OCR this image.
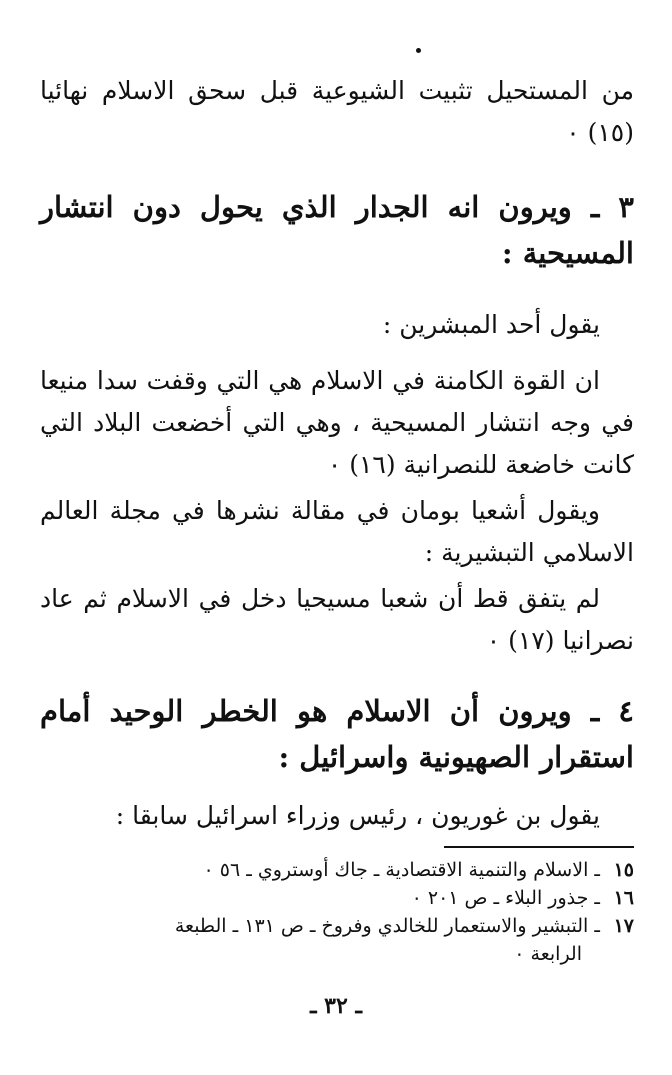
من المستحيل تثبيت الشيوعية قبل سحق الاسلام نهائيا (١٥) ٠

٣ ـ ويرون انه الجدار الذي يحول دون انتشار المسيحية :

يقول أحد المبشرين :

ان القوة الكامنة في الاسلام هي التي وقفت سدا منيعا في وجه انتشار المسيحية ، وهي التي أخضعت البلاد التي كانت خاضعة للنصرانية (١٦) ٠

ويقول أشعيا بومان في مقالة نشرها في مجلة العالم الاسلامي التبشيرية :

لم يتفق قط أن شعبا مسيحيا دخل في الاسلام ثم عاد نصرانيا (١٧) ٠

٤ ـ ويرون أن الاسلام هو الخطر الوحيد أمام استقرار الصهيونية واسرائيل :

يقول بن غوريون ، رئيس وزراء اسرائيل سابقا :

١٥ ـ الاسلام والتنمية الاقتصادية ـ جاك أوستروي ـ ٥٦ ٠

١٦ ـ جذور البلاء ـ ص ٢٠١ ٠

١٧ ـ التبشير والاستعمار للخالدي وفروخ ـ ص ١٣١ ـ الطبعة

الرابعة ٠

ـ ٣٢ ـ
